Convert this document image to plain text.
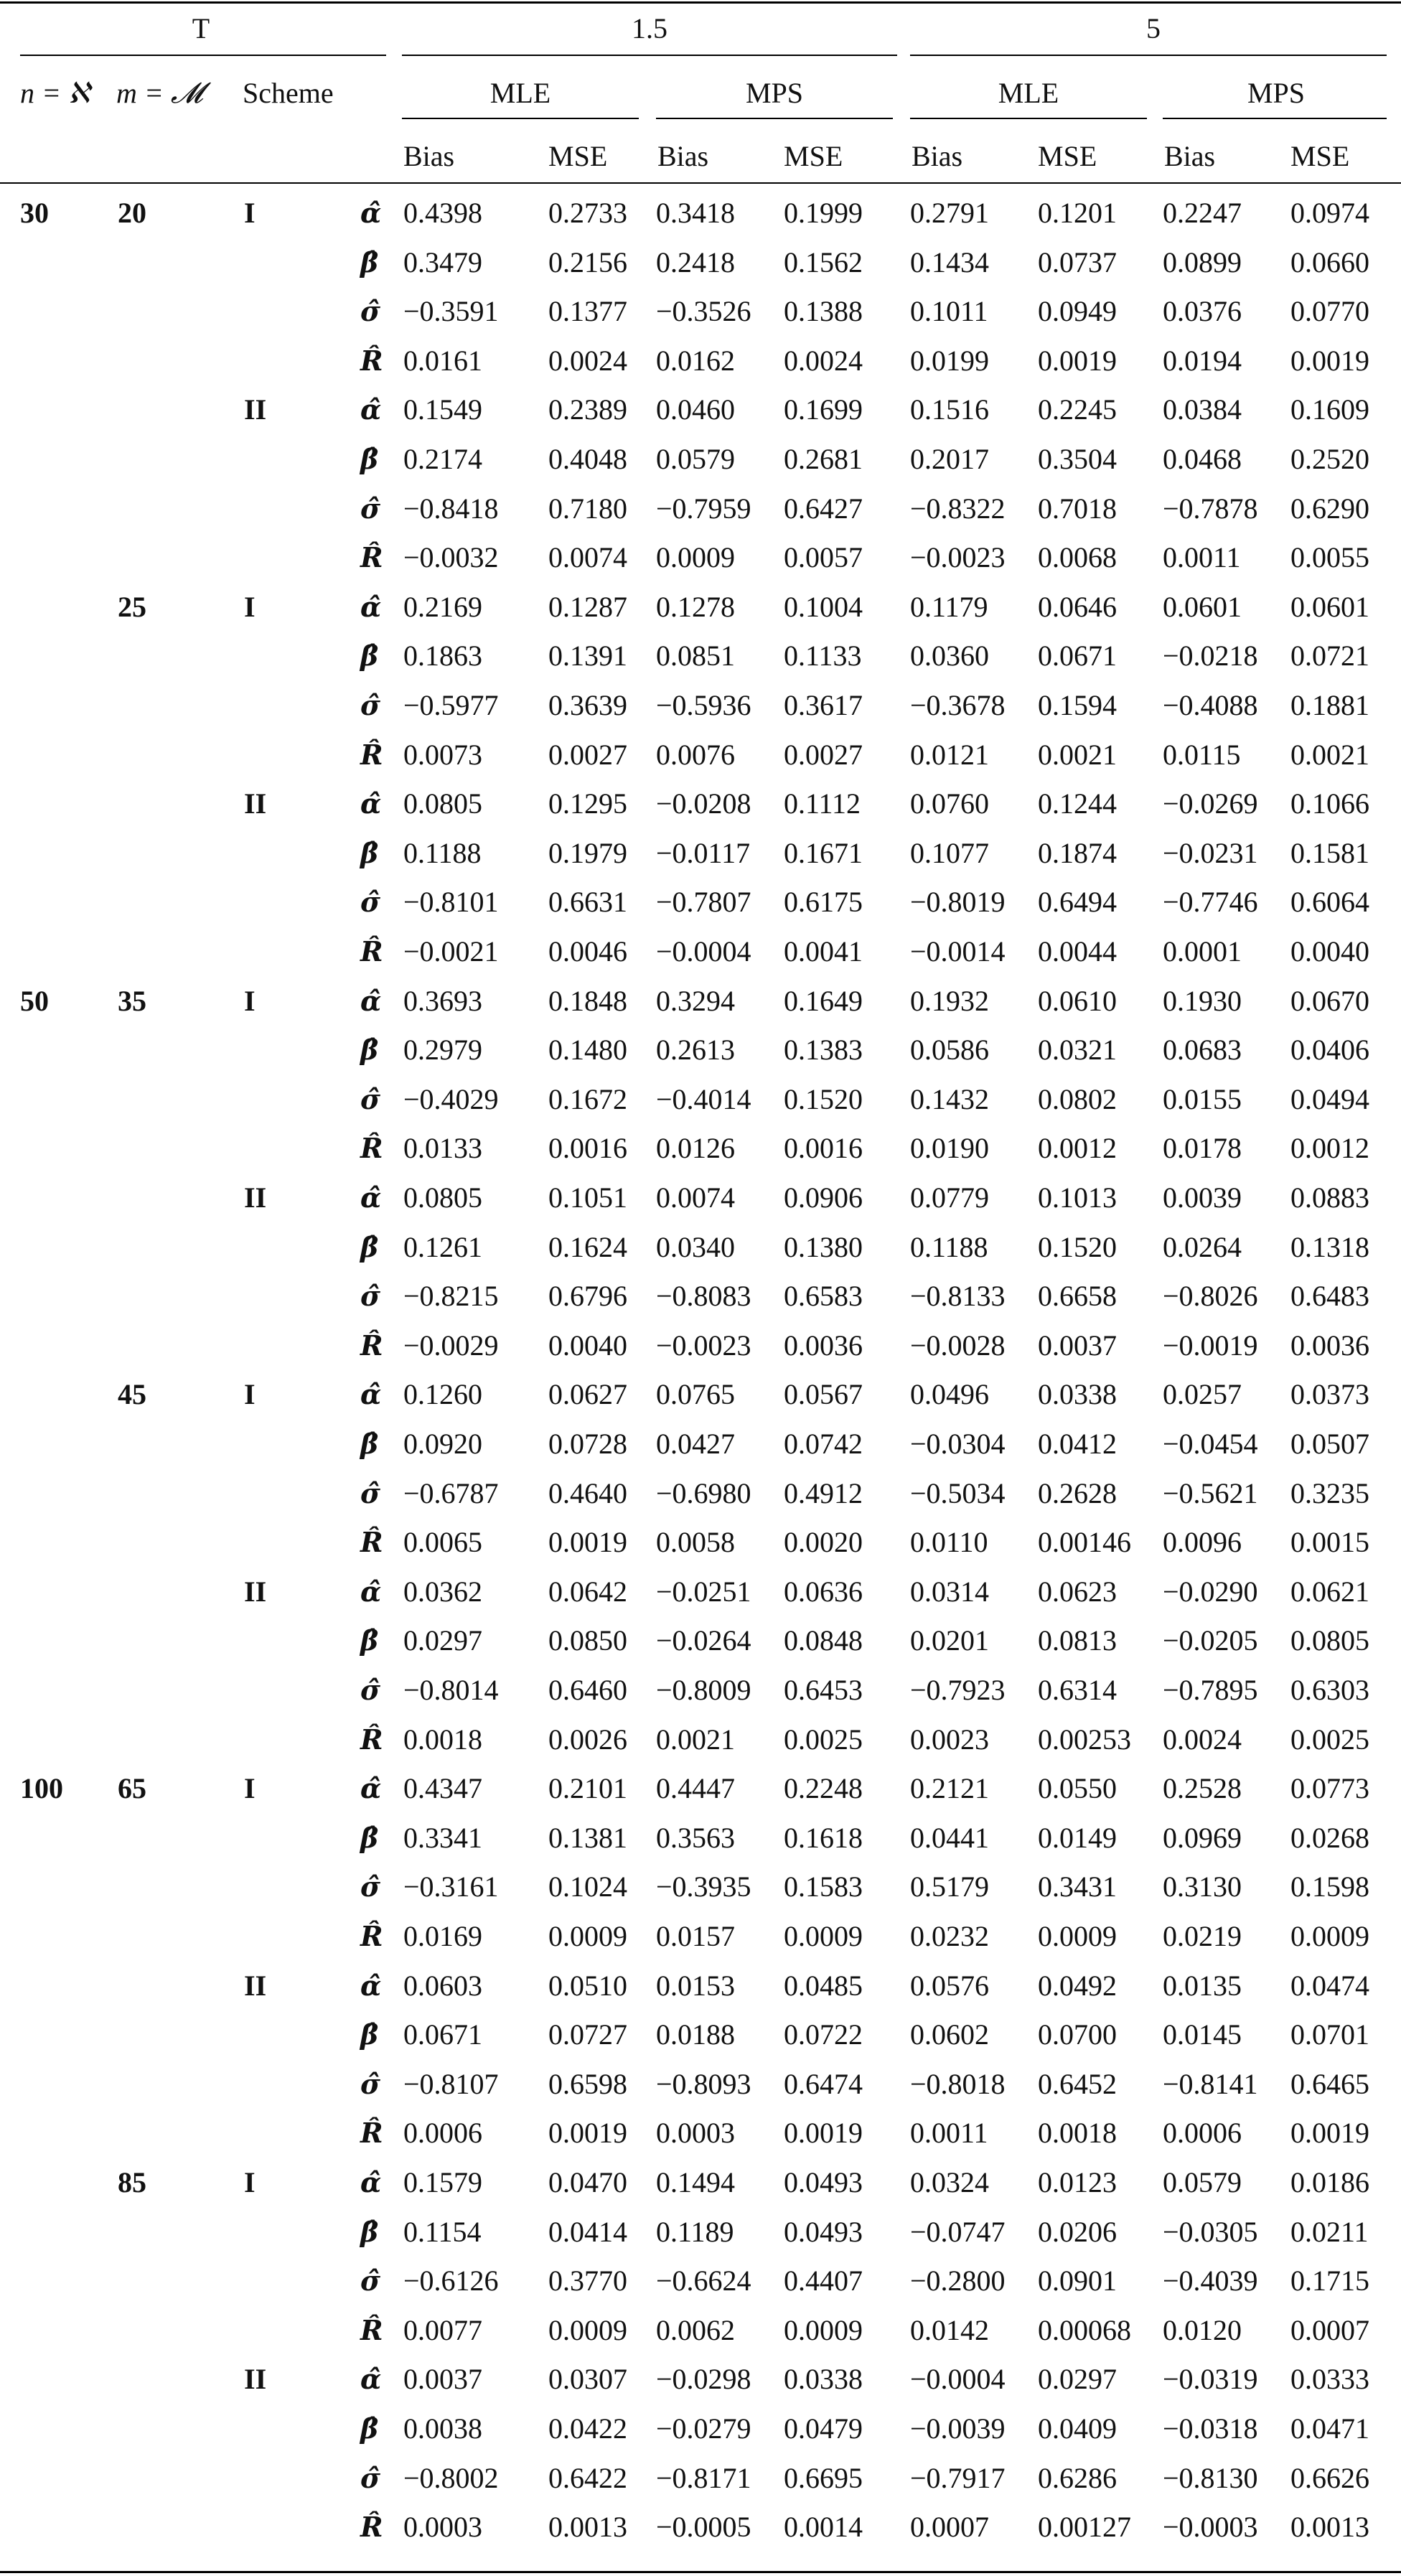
T	1.5	5
n = ℵ m = 𝓜 Scheme	MLE	MPS	MLE	MPS
Bias	MSE Bias	MSE Bias	MSE Bias	MSE
30 20	I	α̂ 0.4398 0.2733 0.3418 0.1999 0.2791 0.1201 0.2247 0.0974
β̂ 0.3479 0.2156 0.2418 0.1562 0.1434 0.0737 0.0899 0.0660
σ̂ −0.3591 0.1377 −0.3526 0.1388 0.1011 0.0949 0.0376 0.0770
R̂ 0.0161 0.0024 0.0162 0.0024 0.0199 0.0019 0.0194 0.0019
II	α̂ 0.1549 0.2389 0.0460 0.1699 0.1516 0.2245 0.0384 0.1609
β̂ 0.2174 0.4048 0.0579 0.2681 0.2017 0.3504 0.0468 0.2520
σ̂ −0.8418 0.7180 −0.7959 0.6427 −0.8322 0.7018 −0.7878 0.6290
R̂ −0.0032 0.0074 0.0009 0.0057 −0.0023 0.0068 0.0011 0.0055
25	I	α̂ 0.2169 0.1287 0.1278 0.1004 0.1179 0.0646 0.0601 0.0601
β̂ 0.1863 0.1391 0.0851 0.1133 0.0360 0.0671 −0.0218 0.0721
σ̂ −0.5977 0.3639 −0.5936 0.3617 −0.3678 0.1594 −0.4088 0.1881
R̂ 0.0073 0.0027 0.0076 0.0027 0.0121 0.0021 0.0115 0.0021
II	α̂ 0.0805 0.1295 −0.0208 0.1112 0.0760 0.1244 −0.0269 0.1066
β̂ 0.1188 0.1979 −0.0117 0.1671 0.1077 0.1874 −0.0231 0.1581
σ̂ −0.8101 0.6631 −0.7807 0.6175 −0.8019 0.6494 −0.7746 0.6064
R̂ −0.0021 0.0046 −0.0004 0.0041 −0.0014 0.0044 0.0001 0.0040
50 35	I	α̂ 0.3693 0.1848 0.3294 0.1649 0.1932 0.0610 0.1930 0.0670
β̂ 0.2979 0.1480 0.2613 0.1383 0.0586 0.0321 0.0683 0.0406
σ̂ −0.4029 0.1672 −0.4014 0.1520 0.1432 0.0802 0.0155 0.0494
R̂ 0.0133 0.0016 0.0126 0.0016 0.0190 0.0012 0.0178 0.0012
II	α̂ 0.0805 0.1051 0.0074 0.0906 0.0779 0.1013 0.0039 0.0883
β̂ 0.1261 0.1624 0.0340 0.1380 0.1188 0.1520 0.0264 0.1318
σ̂ −0.8215 0.6796 −0.8083 0.6583 −0.8133 0.6658 −0.8026 0.6483
R̂ −0.0029 0.0040 −0.0023 0.0036 −0.0028 0.0037 −0.0019 0.0036
45	I	α̂ 0.1260 0.0627 0.0765 0.0567 0.0496 0.0338 0.0257 0.0373
β̂ 0.0920 0.0728 0.0427 0.0742 −0.0304 0.0412 −0.0454 0.0507
σ̂ −0.6787 0.4640 −0.6980 0.4912 −0.5034 0.2628 −0.5621 0.3235
R̂ 0.0065 0.0019 0.0058 0.0020 0.0110 0.00146 0.0096 0.0015
II	α̂ 0.0362 0.0642 −0.0251 0.0636 0.0314 0.0623 −0.0290 0.0621
β̂ 0.0297 0.0850 −0.0264 0.0848 0.0201 0.0813 −0.0205 0.0805
σ̂ −0.8014 0.6460 −0.8009 0.6453 −0.7923 0.6314 −0.7895 0.6303
R̂ 0.0018 0.0026 0.0021 0.0025 0.0023 0.00253 0.0024 0.0025
100 65	I	α̂ 0.4347 0.2101 0.4447 0.2248 0.2121 0.0550 0.2528 0.0773
β̂ 0.3341 0.1381 0.3563 0.1618 0.0441 0.0149 0.0969 0.0268
σ̂ −0.3161 0.1024 −0.3935 0.1583 0.5179 0.3431 0.3130 0.1598
R̂ 0.0169 0.0009 0.0157 0.0009 0.0232 0.0009 0.0219 0.0009
II	α̂ 0.0603 0.0510 0.0153 0.0485 0.0576 0.0492 0.0135 0.0474
β̂ 0.0671 0.0727 0.0188 0.0722 0.0602 0.0700 0.0145 0.0701
σ̂ −0.8107 0.6598 −0.8093 0.6474 −0.8018 0.6452 −0.8141 0.6465
R̂ 0.0006 0.0019 0.0003 0.0019 0.0011 0.0018 0.0006 0.0019
85	I	α̂ 0.1579 0.0470 0.1494 0.0493 0.0324 0.0123 0.0579 0.0186
β̂ 0.1154 0.0414 0.1189 0.0493 −0.0747 0.0206 −0.0305 0.0211
σ̂ −0.6126 0.3770 −0.6624 0.4407 −0.2800 0.0901 −0.4039 0.1715
R̂ 0.0077 0.0009 0.0062 0.0009 0.0142 0.00068 0.0120 0.0007
II	α̂ 0.0037 0.0307 −0.0298 0.0338 −0.0004 0.0297 −0.0319 0.0333
β̂ 0.0038 0.0422 −0.0279 0.0479 −0.0039 0.0409 −0.0318 0.0471
σ̂ −0.8002 0.6422 −0.8171 0.6695 −0.7917 0.6286 −0.8130 0.6626
R̂ 0.0003 0.0013 −0.0005 0.0014 0.0007 0.00127 −0.0003 0.0013
